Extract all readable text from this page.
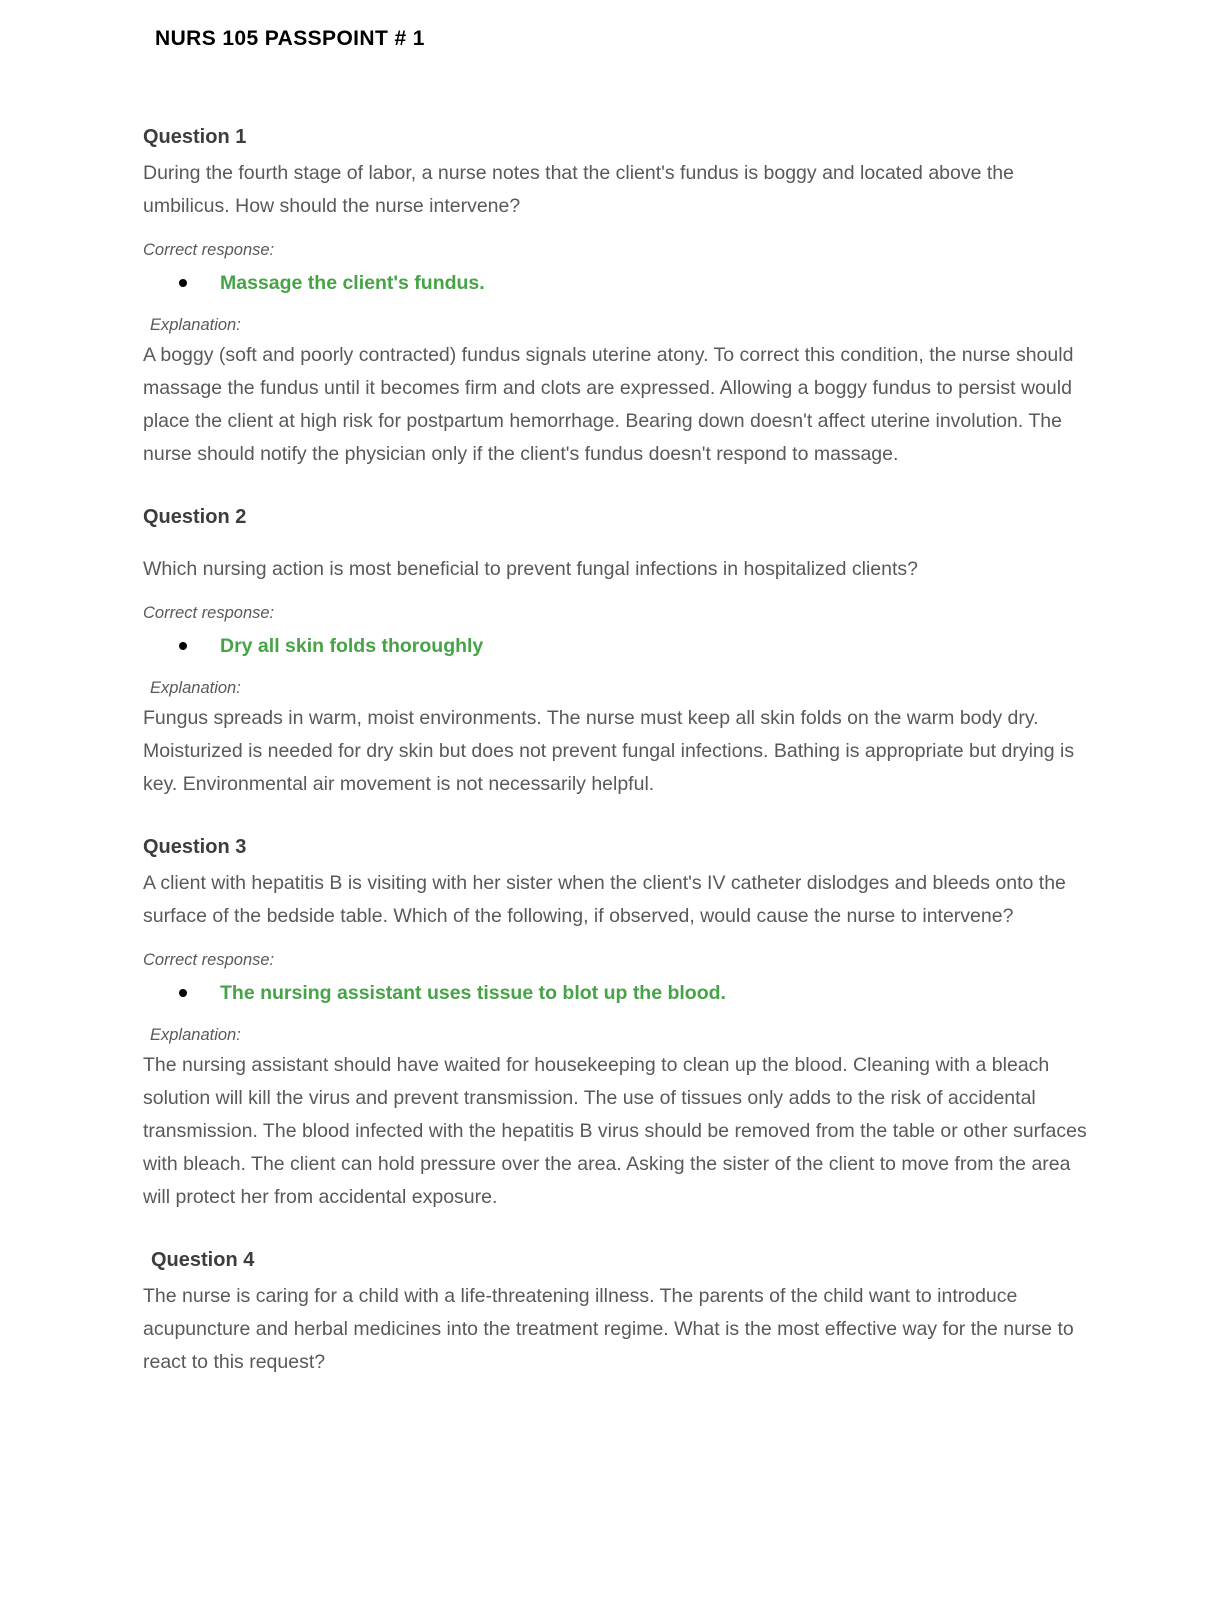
NURS 105 PASSPOINT # 1
Question 1

During the fourth stage of labor, a nurse notes that the client's fundus is boggy and located above the umbilicus. How should the nurse intervene?

Correct response:

Massage the client's fundus.

Explanation:

A boggy (soft and poorly contracted) fundus signals uterine atony. To correct this condition, the nurse should massage the fundus until it becomes firm and clots are expressed. Allowing a boggy fundus to persist would place the client at high risk for postpartum hemorrhage. Bearing down doesn't affect uterine involution. The nurse should notify the physician only if the client's fundus doesn't respond to massage.

Question 2

Which nursing action is most beneficial to prevent fungal infections in hospitalized clients?

Correct response:

Dry all skin folds thoroughly

Explanation:

Fungus spreads in warm, moist environments. The nurse must keep all skin folds on the warm body dry. Moisturized is needed for dry skin but does not prevent fungal infections. Bathing is appropriate but drying is key. Environmental air movement is not necessarily helpful.

Question 3

A client with hepatitis B is visiting with her sister when the client's IV catheter dislodges and bleeds onto the surface of the bedside table. Which of the following, if observed, would cause the nurse to intervene?

Correct response:

The nursing assistant uses tissue to blot up the blood.

Explanation:

The nursing assistant should have waited for housekeeping to clean up the blood. Cleaning with a bleach solution will kill the virus and prevent transmission. The use of tissues only adds to the risk of accidental transmission. The blood infected with the hepatitis B virus should be removed from the table or other surfaces with bleach. The client can hold pressure over the area. Asking the sister of the client to move from the area will protect her from accidental exposure.

Question 4

The nurse is caring for a child with a life-threatening illness. The parents of the child want to introduce acupuncture and herbal medicines into the treatment regime. What is the most effective way for the nurse to react to this request?
